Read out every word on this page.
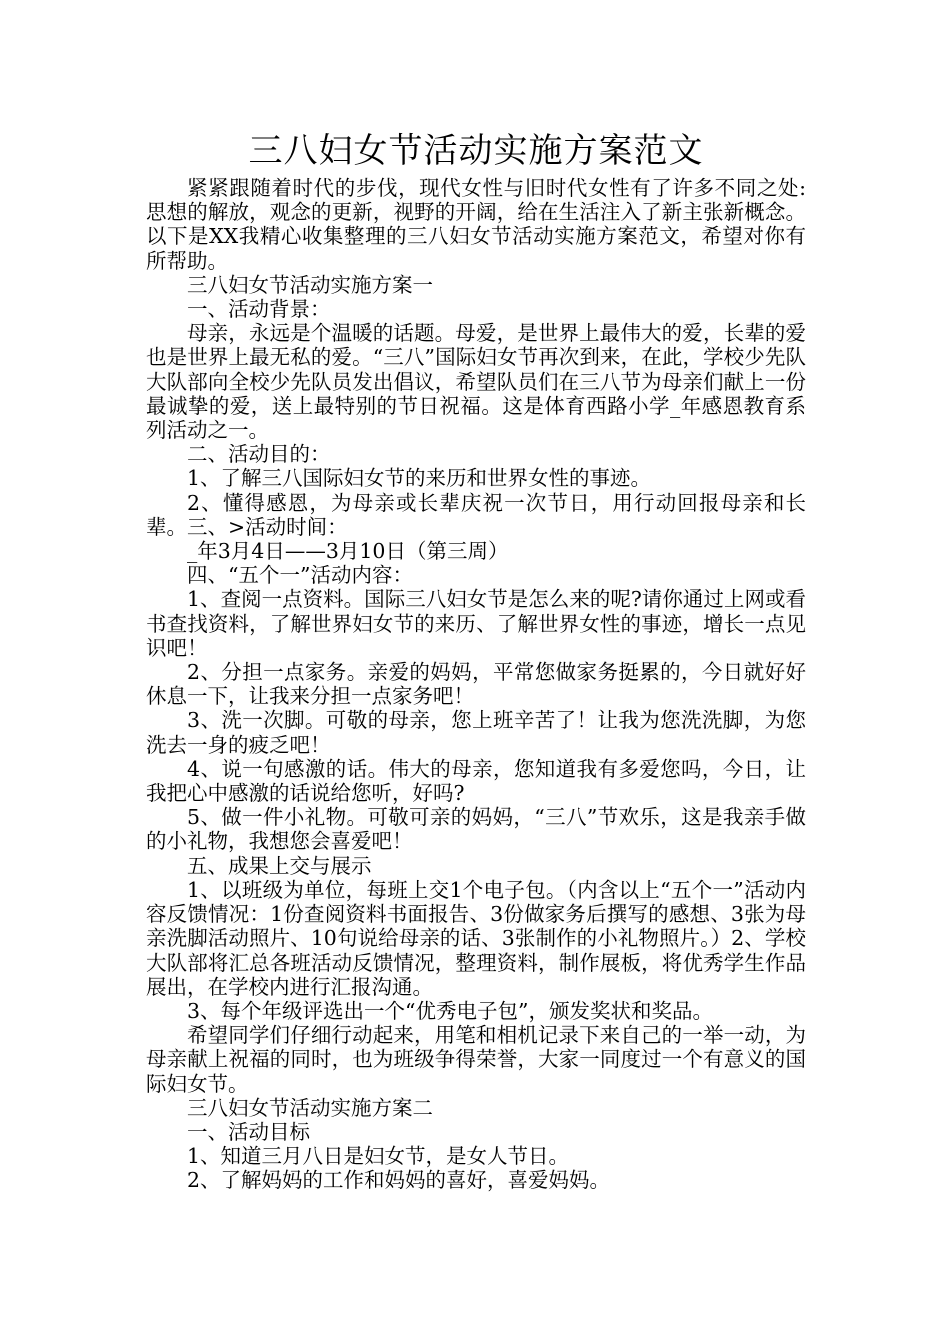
三八妇女节活动实施方案范文

紧紧跟随着时代的步伐，现代女性与旧时代女性有了许多不同之处:思想的解放，观念的更新，视野的开阔，给在生活注入了新主张新概念。以下是XX我精心收集整理的三八妇女节活动实施方案范文，希望对你有所帮助。

三八妇女节活动实施方案一

一、活动背景：

母亲，永远是个温暖的话题。母爱，是世界上最伟大的爱，长辈的爱也是世界上最无私的爱。“三八”国际妇女节再次到来，在此，学校少先队大队部向全校少先队员发出倡议，希望队员们在三八节为母亲们献上一份最诚挚的爱，送上最特别的节日祝福。这是体育西路小学_年感恩教育系列活动之一。

二、活动目的：

1、了解三八国际妇女节的来历和世界女性的事迹。

2、懂得感恩，为母亲或长辈庆祝一次节日，用行动回报母亲和长辈。三、>活动时间：

_年3月4日——3月10日（第三周）

四、“五个一”活动内容：

1、查阅一点资料。国际三八妇女节是怎么来的呢?请你通过上网或看书查找资料，了解世界妇女节的来历、了解世界女性的事迹，增长一点见识吧！

2、分担一点家务。亲爱的妈妈，平常您做家务挺累的，今日就好好休息一下，让我来分担一点家务吧！

3、洗一次脚。可敬的母亲，您上班辛苦了！让我为您洗洗脚，为您洗去一身的疲乏吧！

4、说一句感激的话。伟大的母亲，您知道我有多爱您吗，今日，让我把心中感激的话说给您听，好吗?

5、做一件小礼物。可敬可亲的妈妈，“三八”节欢乐，这是我亲手做的小礼物，我想您会喜爱吧！

五、成果上交与展示

1、以班级为单位，每班上交1个电子包。（内含以上“五个一”活动内容反馈情况：1份查阅资料书面报告、3份做家务后撰写的感想、3张为母亲洗脚活动照片、10句说给母亲的话、3张制作的小礼物照片。）2、学校大队部将汇总各班活动反馈情况，整理资料，制作展板，将优秀学生作品展出，在学校内进行汇报沟通。

3、每个年级评选出一个“优秀电子包”，颁发奖状和奖品。

希望同学们仔细行动起来，用笔和相机记录下来自己的一举一动，为母亲献上祝福的同时，也为班级争得荣誉，大家一同度过一个有意义的国际妇女节。

三八妇女节活动实施方案二

一、活动目标

1、知道三月八日是妇女节，是女人节日。

2、了解妈妈的工作和妈妈的喜好，喜爱妈妈。
